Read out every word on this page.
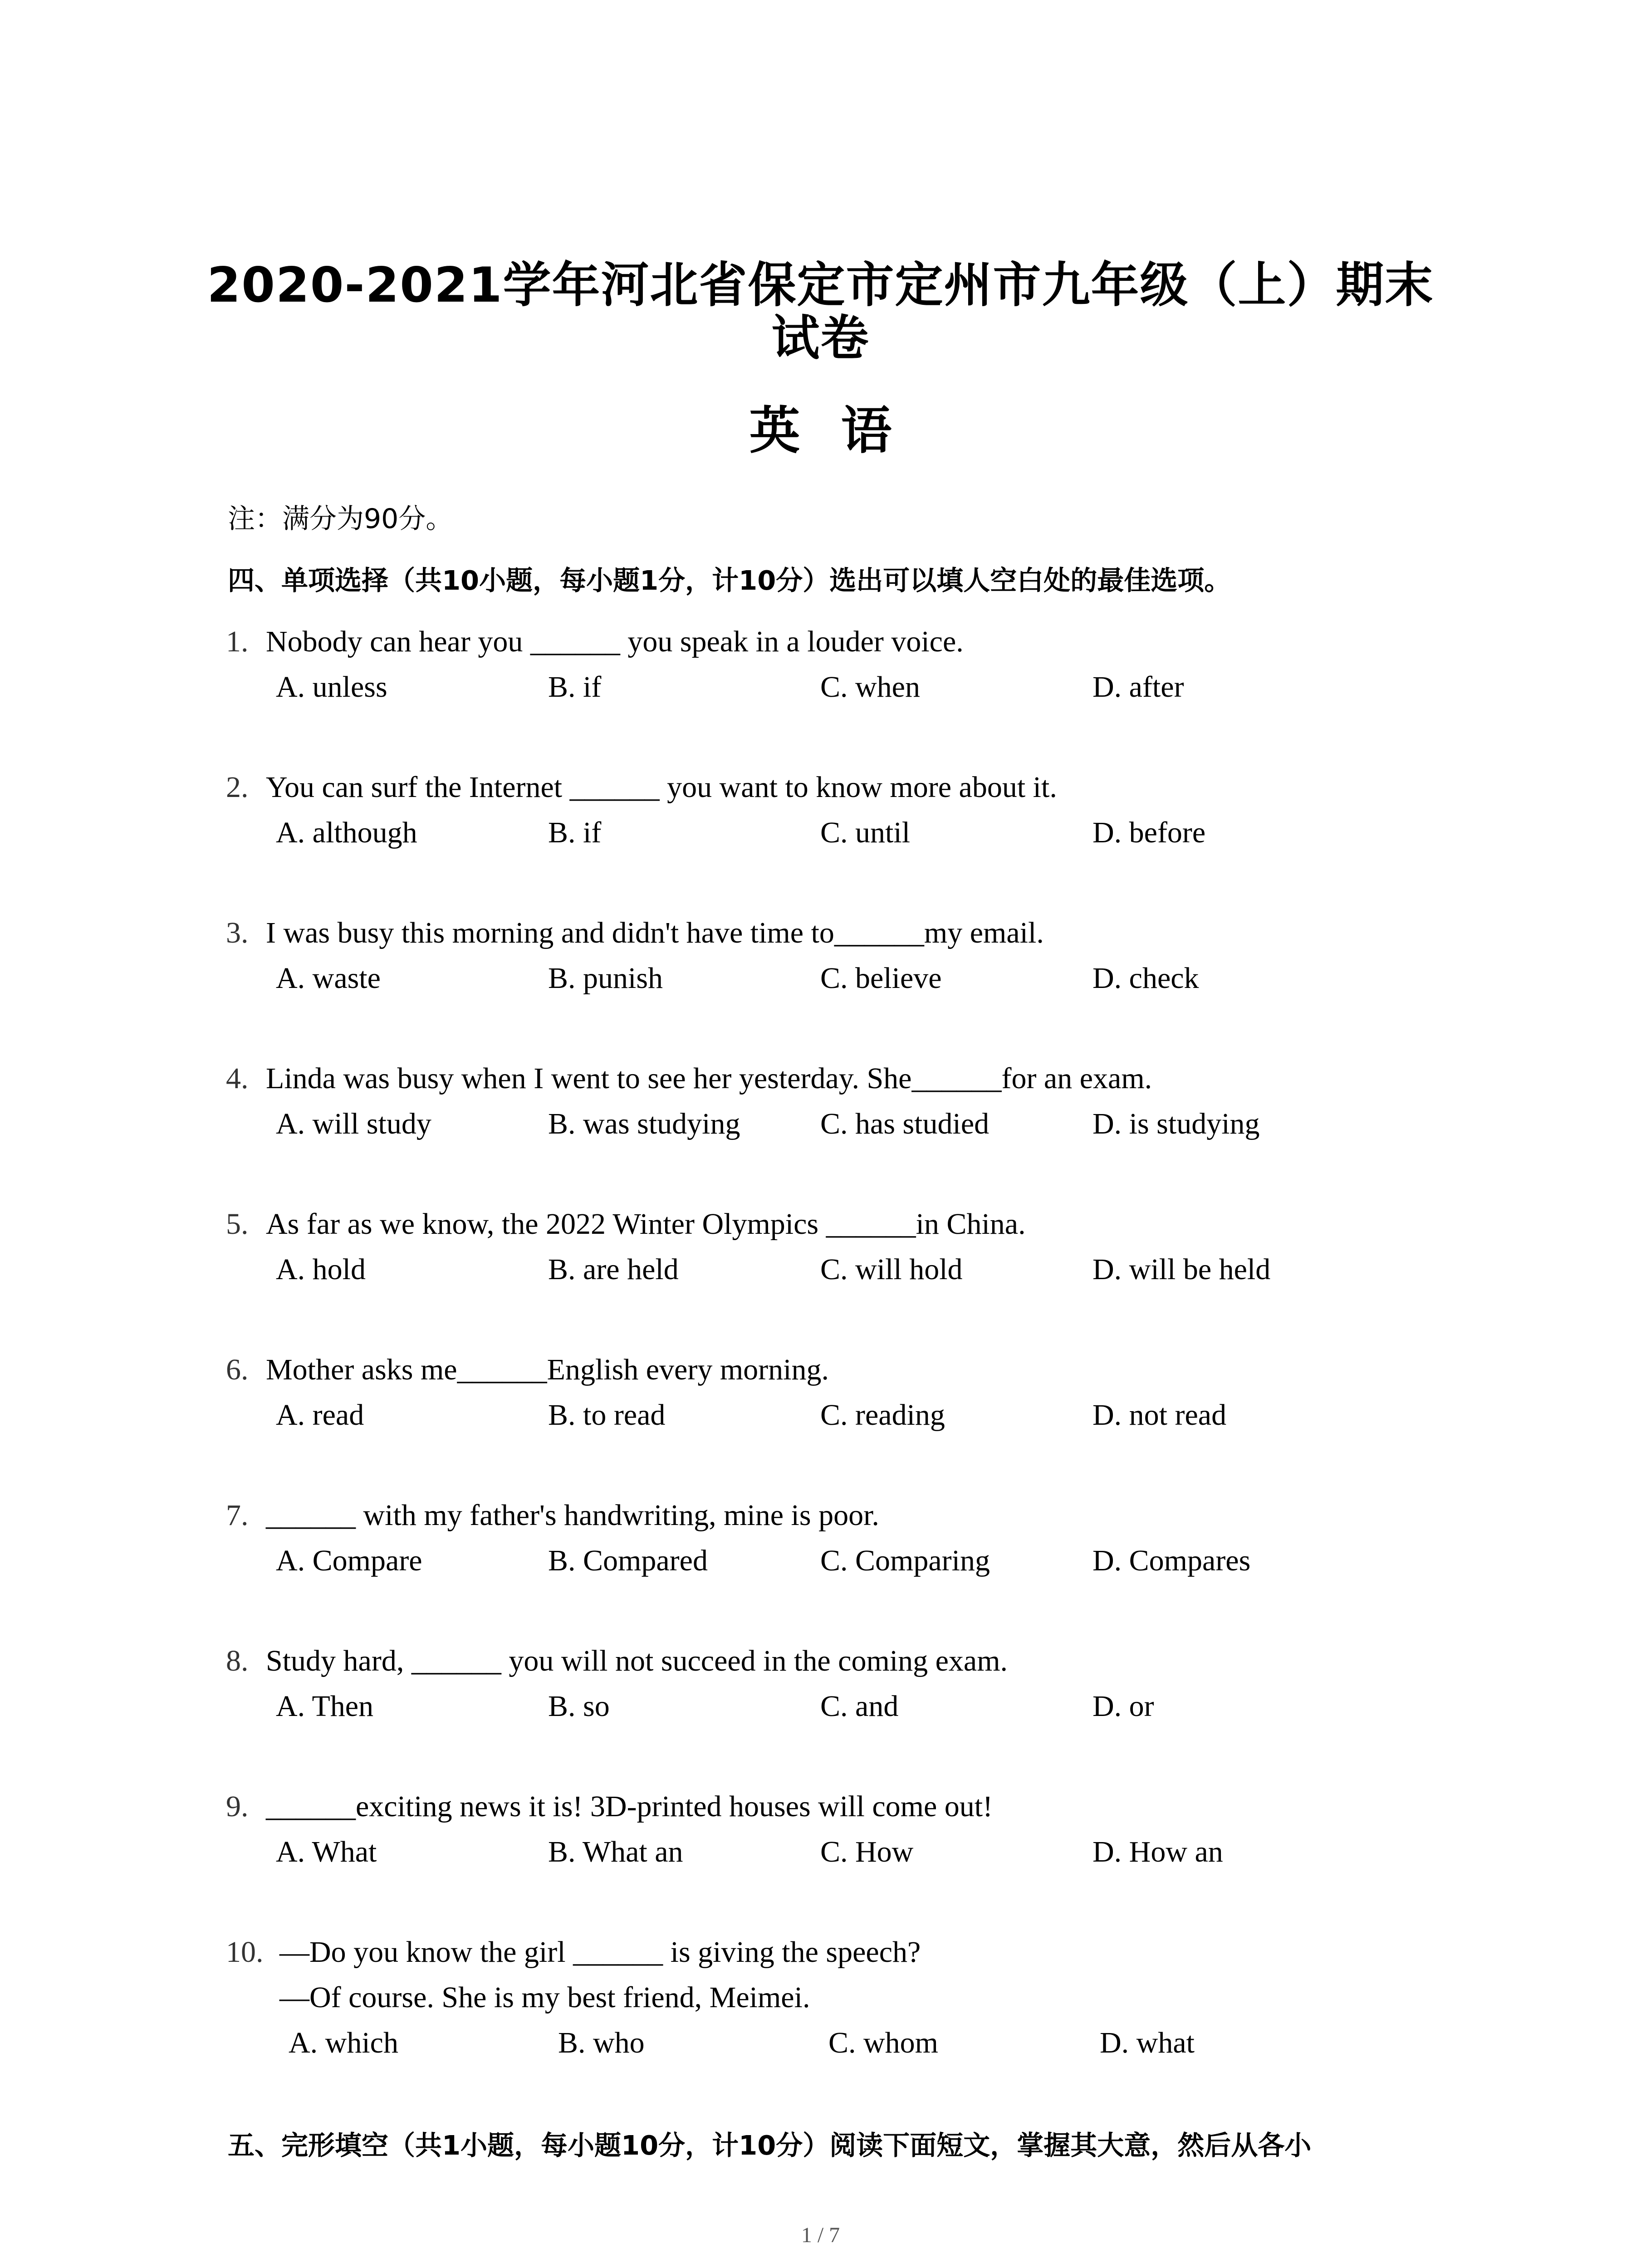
2020-2021学年河北省保定市定州市九年级（上）期末
试卷
英语
注：满分为90分。
四、单项选择（共10小题，每小题1分，计10分）选出可以填人空白处的最佳选项。
1. Nobody can hear you ______ you speak in a louder voice.
A. unless	B. if	C. when	D. after
2. You can surf the Internet ______ you want to know more about it.
A. although	B. if	C. until	D. before
3. I was busy this morning and didn't have time to______my email.
A. waste	B. punish	C. believe	D. check
4. Linda was busy when I went to see her yesterday. She______for an exam.
A. will study	B. was studying	C. has studied	D. is studying
5. As far as we know, the 2022 Winter Olympics ______in China.
A. hold	B. are held	C. will hold	D. will be held
6. Mother asks me______English every morning.
A. read	B. to read	C. reading	D. not read
7. ______ with my father's handwriting, mine is poor.
A. Compare	B. Compared	C. Comparing	D. Compares
8. Study hard, ______ you will not succeed in the coming exam.
A. Then	B. so	C. and	D. or
9. ______exciting news it is! 3D-printed houses will come out!
A. What	B. What an	C. How	D. How an
10. —Do you know the girl ______ is giving the speech?
—Of course. She is my best friend, Meimei.
A. which	B. who	C. whom	D. what
五、完形填空（共1小题，每小题10分，计10分）阅读下面短文，掌握其大意，然后从各小
1 / 7
